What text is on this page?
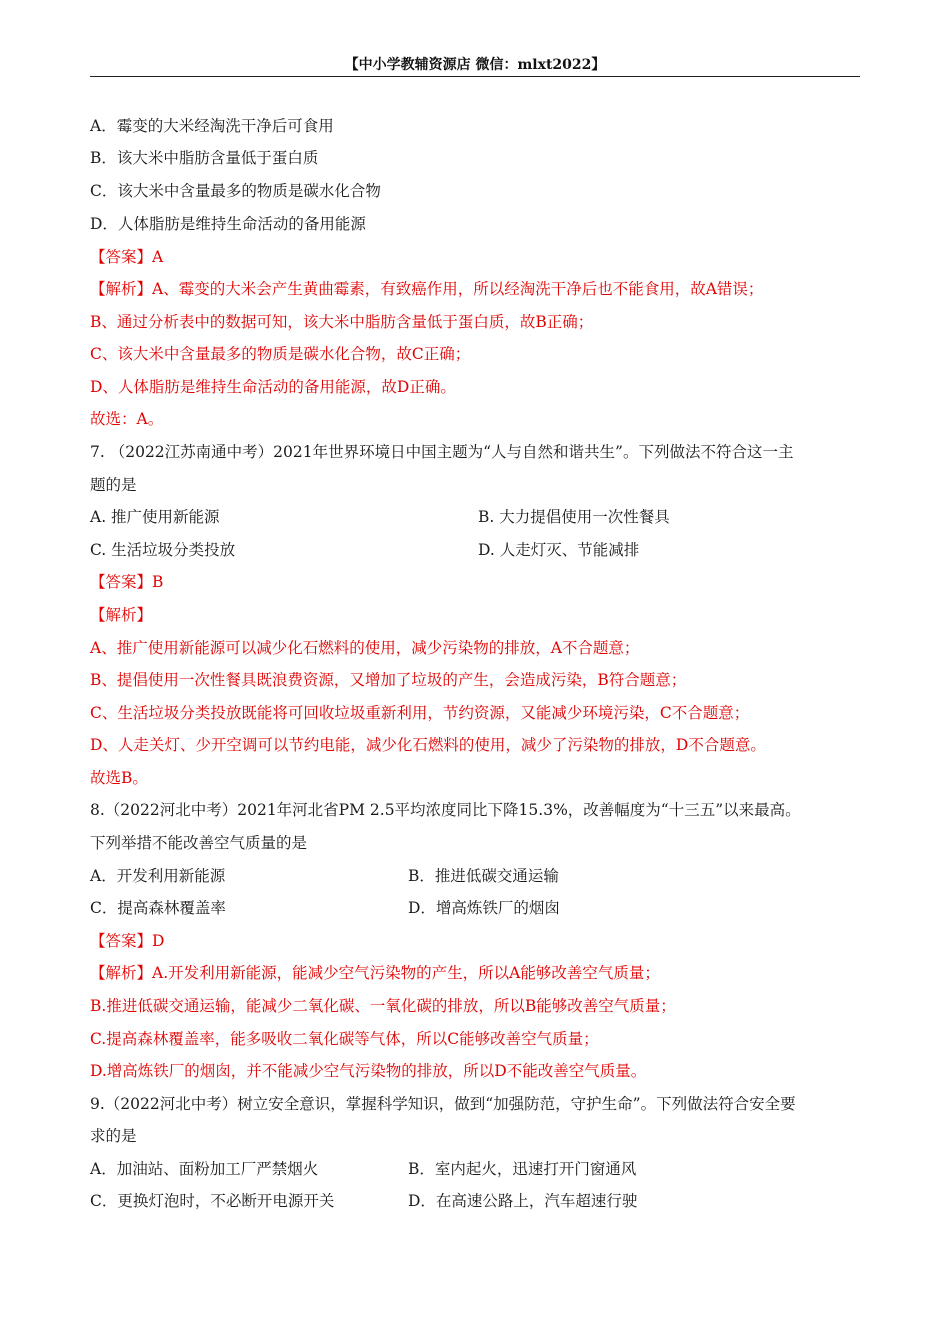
【中小学教辅资源店 微信：mlxt2022】
A．霉变的大米经淘洗干净后可食用
B．该大米中脂肪含量低于蛋白质
C．该大米中含量最多的物质是碳水化合物
D．人体脂肪是维持生命活动的备用能源
【答案】A
【解析】A、霉变的大米会产生黄曲霉素，有致癌作用，所以经淘洗干净后也不能食用，故A错误；
B、通过分析表中的数据可知，该大米中脂肪含量低于蛋白质，故B正确；
C、该大米中含量最多的物质是碳水化合物，故C正确；
D、人体脂肪是维持生命活动的备用能源，故D正确。
故选：A。
7. （2022江苏南通中考）2021年世界环境日中国主题为“人与自然和谐共生”。下列做法不符合这一主
题的是
A. 推广使用新能源	B. 大力提倡使用一次性餐具
C. 生活垃圾分类投放	D. 人走灯灭、节能减排
【答案】B
【解析】
A、推广使用新能源可以减少化石燃料的使用，减少污染物的排放，A不合题意；
B、提倡使用一次性餐具既浪费资源，又增加了垃圾的产生，会造成污染，B符合题意；
C、生活垃圾分类投放既能将可回收垃圾重新利用，节约资源，又能减少环境污染，C不合题意；
D、人走关灯、少开空调可以节约电能，减少化石燃料的使用，减少了污染物的排放，D不合题意。
故选B。
8.（2022河北中考）2021年河北省PM 2.5平均浓度同比下降15.3%，改善幅度为“十三五”以来最高。
下列举措不能改善空气质量的是
A．开发利用新能源	B．推进低碳交通运输
C．提高森林覆盖率	D．增高炼铁厂的烟囱
【答案】D
【解析】A.开发利用新能源，能减少空气污染物的产生，所以A能够改善空气质量；
B.推进低碳交通运输，能减少二氧化碳、一氧化碳的排放，所以B能够改善空气质量；
C.提高森林覆盖率，能多吸收二氧化碳等气体，所以C能够改善空气质量；
D.增高炼铁厂的烟囱，并不能减少空气污染物的排放，所以D不能改善空气质量。
9.（2022河北中考）树立安全意识，掌握科学知识，做到“加强防范，守护生命”。下列做法符合安全要
求的是
A．加油站、面粉加工厂严禁烟火	B．室内起火，迅速打开门窗通风
C．更换灯泡时，不必断开电源开关	D．在高速公路上，汽车超速行驶
